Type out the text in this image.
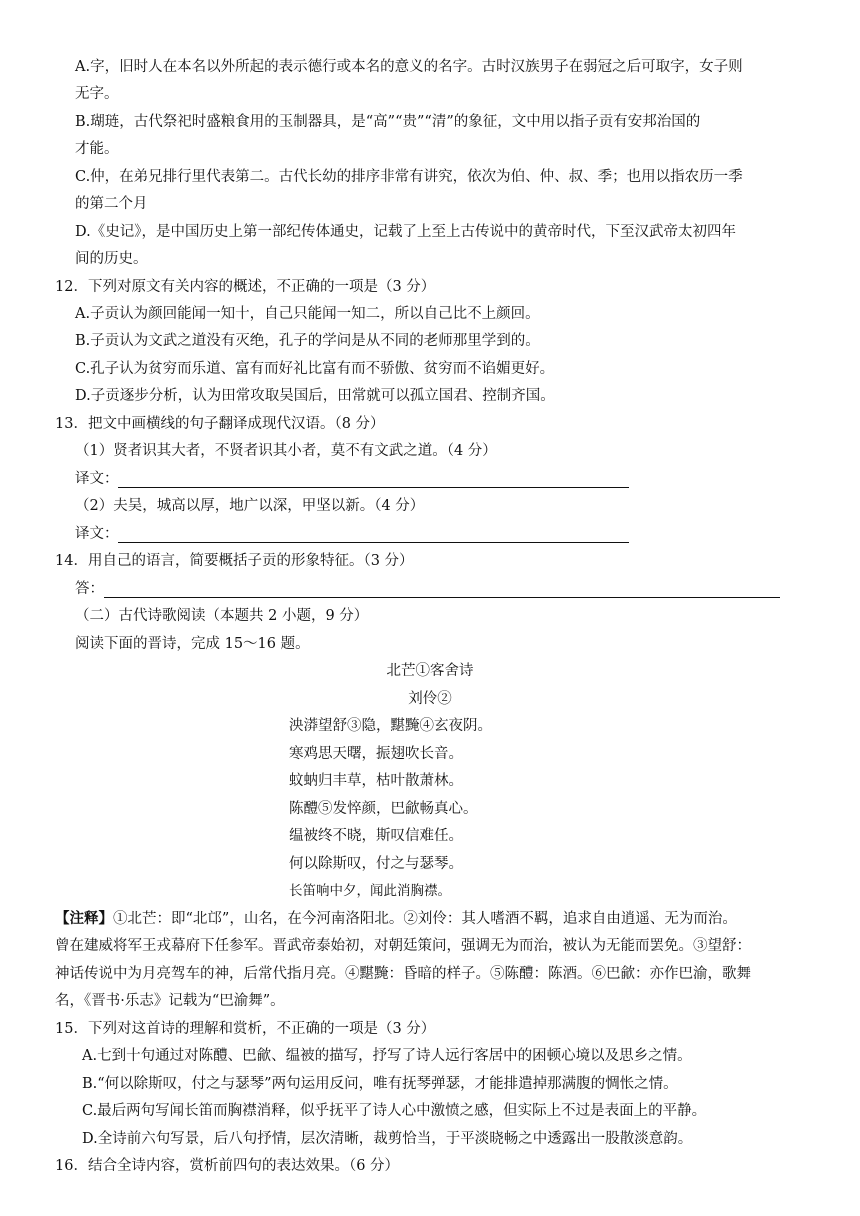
A.字，旧时人在本名以外所起的表示德行或本名的意义的名字。古时汉族男子在弱冠之后可取字，女子则
无字。
B.瑚琏，古代祭祀时盛粮食用的玉制器具，是“高”“贵”“清”的象征，文中用以指子贡有安邦治国的
才能。
C.仲，在弟兄排行里代表第二。古代长幼的排序非常有讲究，依次为伯、仲、叔、季；也用以指农历一季
的第二个月
D.《史记》，是中国历史上第一部纪传体通史，记载了上至上古传说中的黄帝时代，下至汉武帝太初四年
间的历史。
12．下列对原文有关内容的概述，不正确的一项是（3 分）
A.子贡认为颜回能闻一知十，自己只能闻一知二，所以自己比不上颜回。
B.子贡认为文武之道没有灭绝，孔子的学问是从不同的老师那里学到的。
C.孔子认为贫穷而乐道、富有而好礼比富有而不骄傲、贫穷而不谄媚更好。
D.子贡逐步分析，认为田常攻取吴国后，田常就可以孤立国君、控制齐国。
13．把文中画横线的句子翻译成现代汉语。（8 分）
（1）贤者识其大者，不贤者识其小者，莫不有文武之道。（4 分）
译文：
（2）夫吴，城高以厚，地广以深，甲坚以新。（4 分）
译文：
14．用自己的语言，简要概括子贡的形象特征。（3 分）
答：
（二）古代诗歌阅读（本题共 2 小题，9 分）
阅读下面的晋诗，完成 15～16 题。
北芒①客舍诗
刘伶②
泱漭望舒③隐，黮黤④玄夜阴。
寒鸡思天曙，振翅吹长音。
蚊蚋归丰草，枯叶散萧林。
陈醴⑤发悴颜，巴歈畅真心。
缊被终不晓，斯叹信难任。
何以除斯叹，付之与瑟琴。
长笛响中夕，闻此消胸襟。
【注释】①北芒：即“北邙”，山名，在今河南洛阳北。②刘伶：其人嗜酒不羁，追求自由逍遥、无为而治。
曾在建威将军王戎幕府下任参军。晋武帝泰始初，对朝廷策问，强调无为而治，被认为无能而罢免。③望舒：
神话传说中为月亮驾车的神，后常代指月亮。④黮黤：昏暗的样子。⑤陈醴：陈酒。⑥巴歈：亦作巴渝，歌舞
名，《晋书·乐志》记载为“巴渝舞”。
15．下列对这首诗的理解和赏析，不正确的一项是（3 分）
A.七到十句通过对陈醴、巴歈、缊被的描写，抒写了诗人远行客居中的困顿心境以及思乡之情。
B.“何以除斯叹，付之与瑟琴”两句运用反问，唯有抚琴弹瑟，才能排遣掉那满腹的惆怅之情。
C.最后两句写闻长笛而胸襟消释，似乎抚平了诗人心中激愤之感，但实际上不过是表面上的平静。
D.全诗前六句写景，后八句抒情，层次清晰，裁剪恰当，于平淡晓畅之中透露出一股散淡意韵。
16．结合全诗内容，赏析前四句的表达效果。（6 分）
